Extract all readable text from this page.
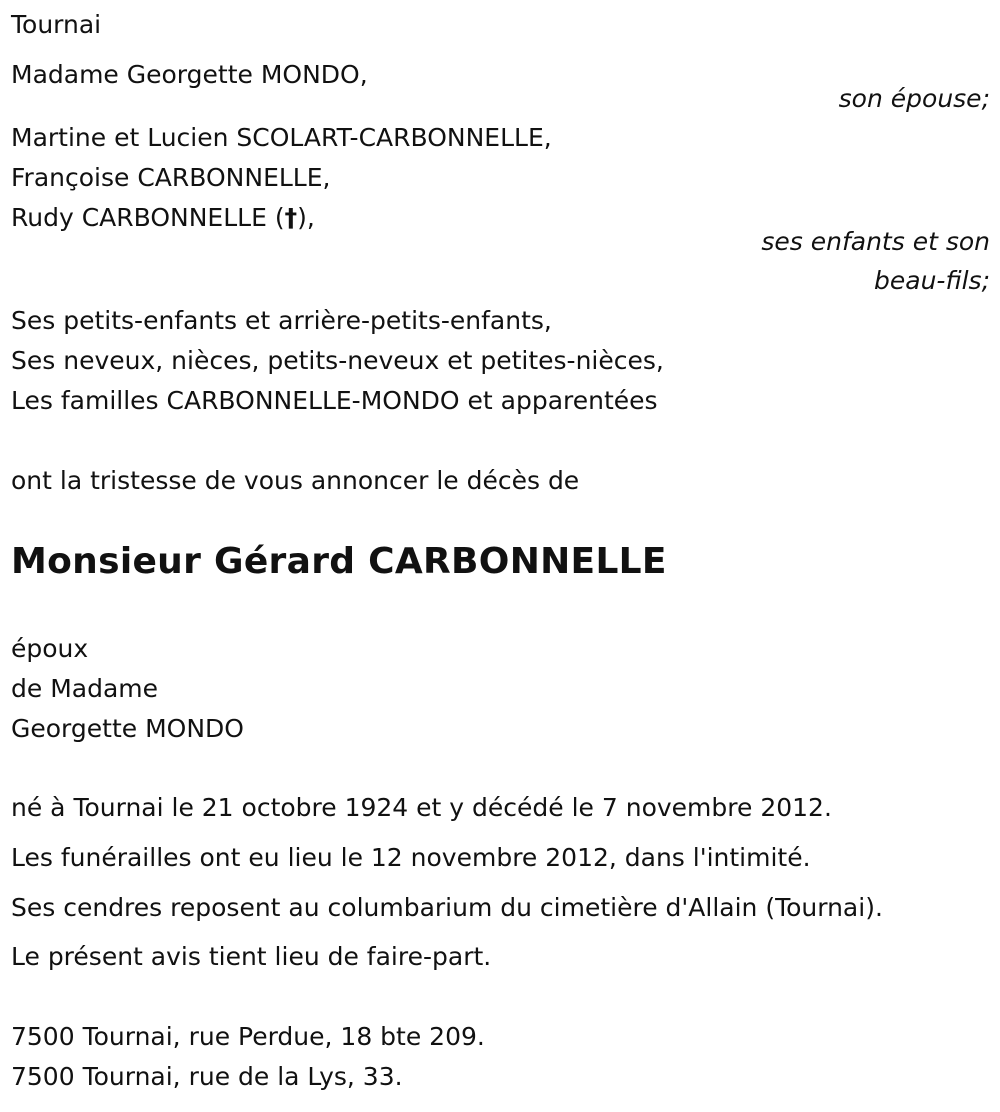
Tournai
Madame Georgette MONDO,
son épouse;
Martine et Lucien SCOLART-CARBONNELLE,
Françoise CARBONNELLE,
Rudy CARBONNELLE (†),
ses enfants et son
beau-fils;
Ses petits-enfants et arrière-petits-enfants,
Ses neveux, nièces, petits-neveux et petites-nièces,
Les familles CARBONNELLE-MONDO et apparentées
ont la tristesse de vous annoncer le décès de
Monsieur Gérard CARBONNELLE
époux
de Madame
Georgette MONDO
né à Tournai le 21 octobre 1924 et y décédé le 7 novembre 2012.
Les funérailles ont eu lieu le 12 novembre 2012, dans l'intimité.
Ses cendres reposent au columbarium du cimetière d'Allain (Tournai).
Le présent avis tient lieu de faire-part.
7500 Tournai, rue Perdue, 18 bte 209.
7500 Tournai, rue de la Lys, 33.
